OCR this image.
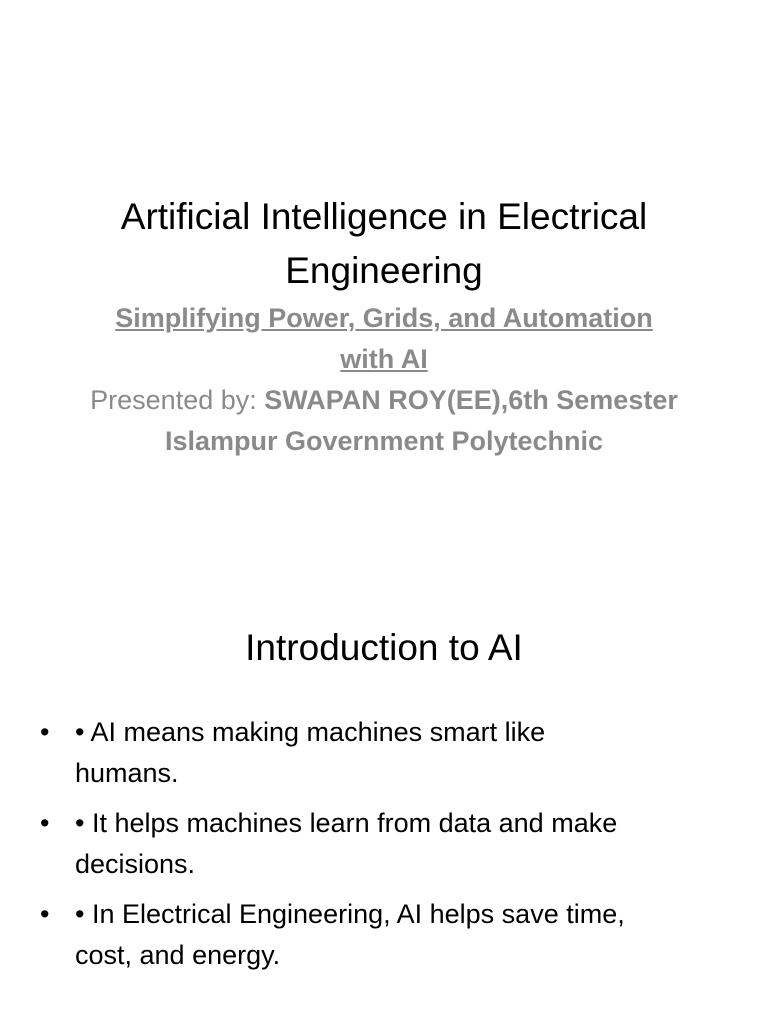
Artificial Intelligence in Electrical
Engineering
Simplifying Power, Grids, and Automation
with AI
Presented by: SWAPAN ROY(EE),6th Semester
Islampur Government Polytechnic
Introduction to AI
• • AI means making machines smart like
humans.
• • It helps machines learn from data and make
decisions.
• • In Electrical Engineering, AI helps save time,
cost, and energy.
